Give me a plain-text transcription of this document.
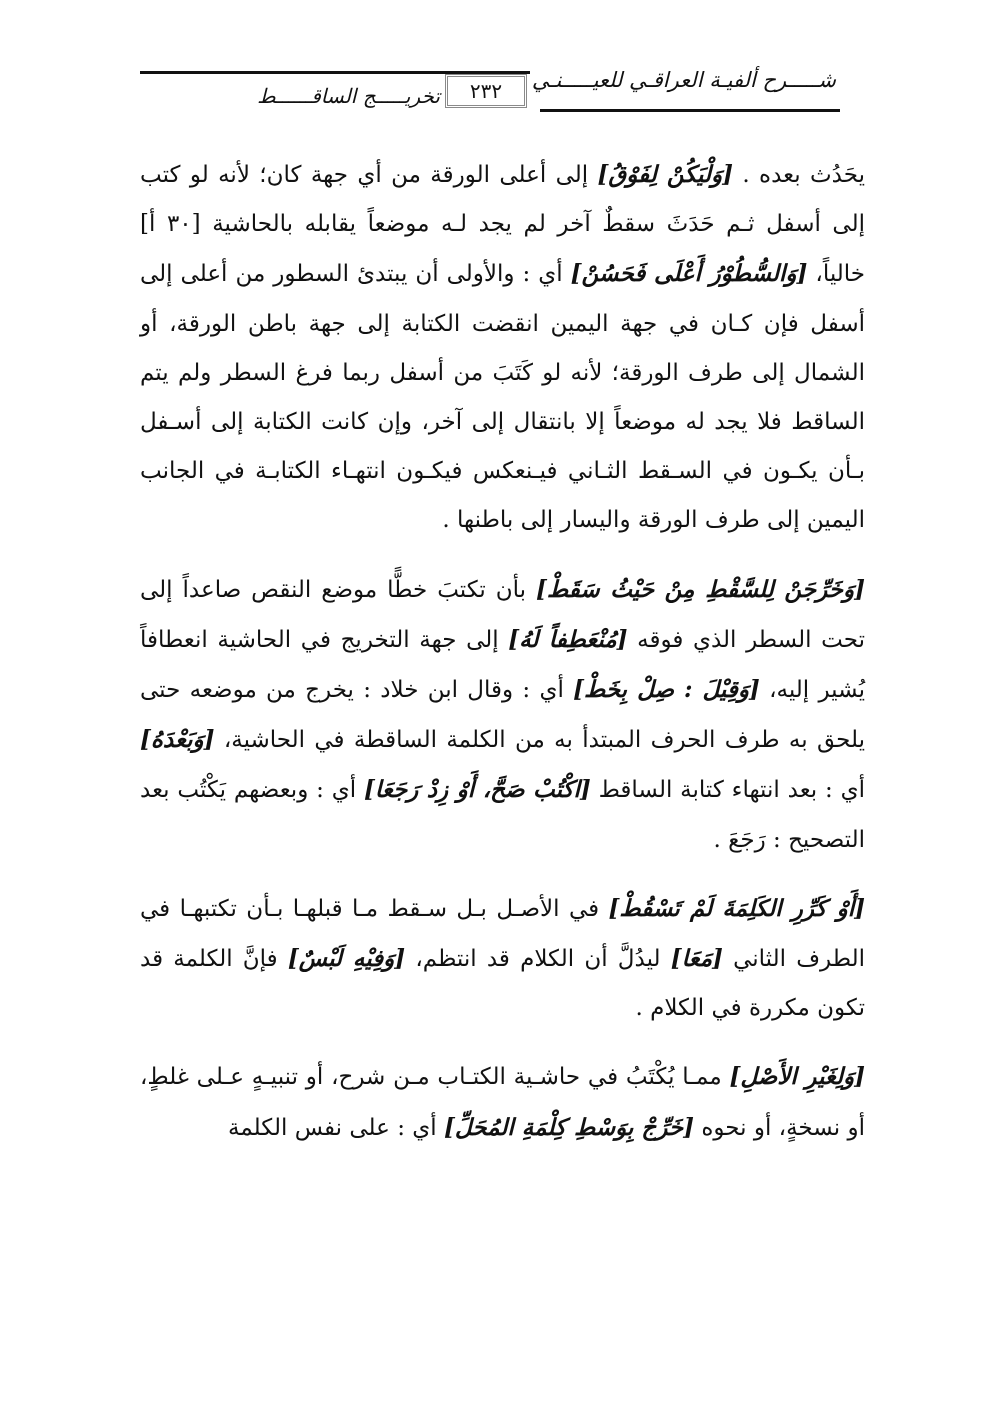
شـــــرح ألفيـة العراقـي للعيـــــنـي
٢٣٢
تخريـــــج الساقــــــط

يحَدُث بعده . [وَلْيَكُنْ لِفَوْقُ] إلى أعلى الورقة من أي جهة كان؛ لأنه لو كتب إلى أسفل ثـم حَدَثَ سقطٌ آخر لم يجد لـه موضعاً يقابله بالحاشية [٣٠ أ] خالياً، [وَالسُّطُوْرُ أَعْلَى فَحَسُنْ] أي : والأولى أن يبتدئ السطور من أعلى إلى أسفل فإن كـان في جهة اليمين انقضت الكتابة إلى جهة باطن الورقة، أو الشمال إلى طرف الورقة؛ لأنه لو كَتَبَ من أسفل ربما فرغ السطر ولم يتم الساقط فلا يجد له موضعاً إلا بانتقال إلى آخر، وإن كانت الكتابة إلى أسـفل بـأن يكـون في السـقط الثـاني فيـنعكس فيكـون انتهـاء الكتابـة في الجانب اليمين إلى طرف الورقة واليسار إلى باطنها .

[وَخَرِّجَنْ لِلسَّقْطِ مِنْ حَيْثُ سَقَطْ] بأن تكتبَ خطًّا موضع النقص صاعداً إلى تحت السطر الذي فوقه [مُنْعَطِفاً لَهُ] إلى جهة التخريج في الحاشية انعطافاً يُشير إليه، [وَقِيْلَ : صِلْ بِخَطْ] أي : وقال ابن خلاد : يخرج من موضعه حتى يلحق به طرف الحرف المبتدأ به من الكلمة الساقطة في الحاشية، [وَبَعْدَهُ] أي : بعد انتهاء كتابة الساقط [اكْتُبْ صَحَّ، أَوْ زِدْ رَجَعَا] أي : وبعضهم يَكْتُب بعد التصحيح : رَجَعَ .

[أَوْ كَرِّرِ الكَلِمَةَ لَمْ تَسْقُطْ] في الأصـل بـل سـقط مـا قبلهـا بـأن تكتبهـا في الطرف الثاني [مَعَا] ليدُلَّ أن الكلام قد انتظم، [وَفِيْهِ لَبْسٌ] فإنَّ الكلمة قد تكون مكررة في الكلام .

[وَلِغَيْرِ الأَصْلِ] ممـا يُكْتَبُ في حاشـية الكتـاب مـن شرح، أو تنبيـهٍ عـلى غلطٍ، أو نسخةٍ، أو نحوه [خَرِّجْ بِوَسْطِ كِلْمَةِ المُحَلِّ] أي : على نفس الكلمة
